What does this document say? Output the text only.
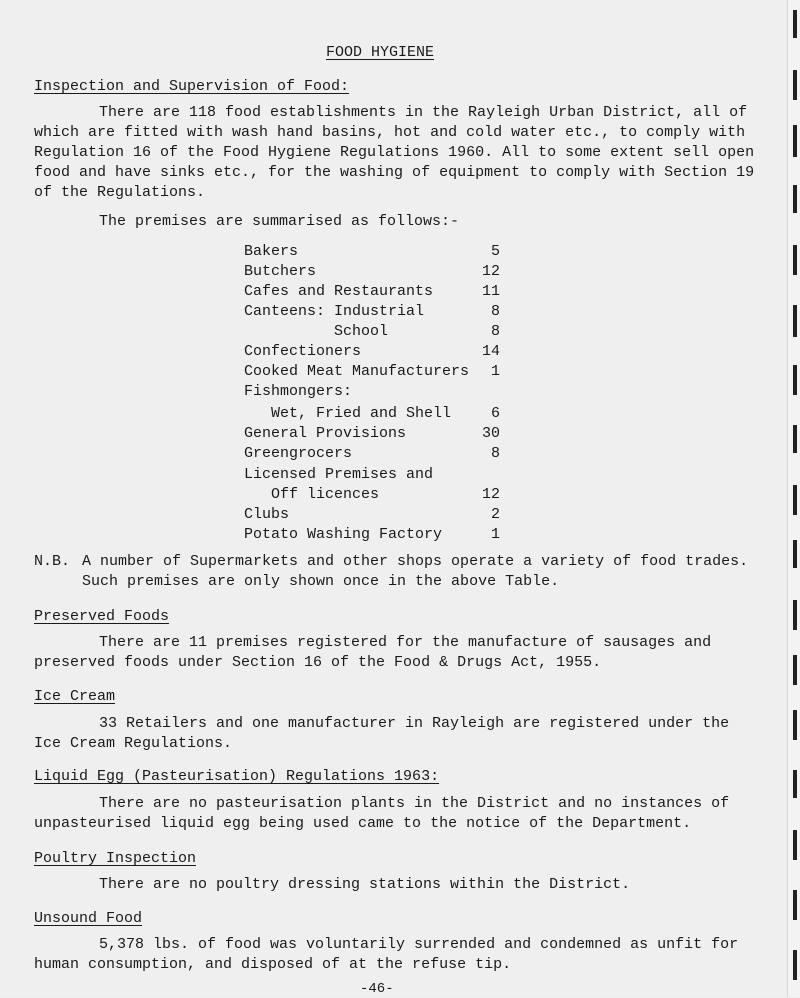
FOOD HYGIENE
Inspection and Supervision of Food:
There are 118 food establishments in the Rayleigh Urban District, all of
which are fitted with wash hand basins, hot and cold water etc., to comply with
Regulation 16 of the Food Hygiene Regulations 1960. All to some extent sell open
food and have sinks etc., for the washing of equipment to comply with Section 19
of the Regulations.
The premises are summarised as follows:-
Bakers	5
Butchers	12
Cafes and Restaurants	11
Canteens: Industrial	8
School	8
Confectioners	14
Cooked Meat Manufacturers	1
Fishmongers:
Wet, Fried and Shell	6
General Provisions	30
Greengrocers	8
Licensed Premises and
Off licences	12
Clubs	2
Potato Washing Factory	1
N.B. A number of Supermarkets and other shops operate a variety of food trades.
Such premises are only shown once in the above Table.
Preserved Foods
There are 11 premises registered for the manufacture of sausages and
preserved foods under Section 16 of the Food & Drugs Act, 1955.
Ice Cream
33 Retailers and one manufacturer in Rayleigh are registered under the
Ice Cream Regulations.
Liquid Egg (Pasteurisation) Regulations 1963:
There are no pasteurisation plants in the District and no instances of
unpasteurised liquid egg being used came to the notice of the Department.
Poultry Inspection
There are no poultry dressing stations within the District.
Unsound Food
5,378 lbs. of food was voluntarily surrended and condemned as unfit for
human consumption, and disposed of at the refuse tip.
-46-
